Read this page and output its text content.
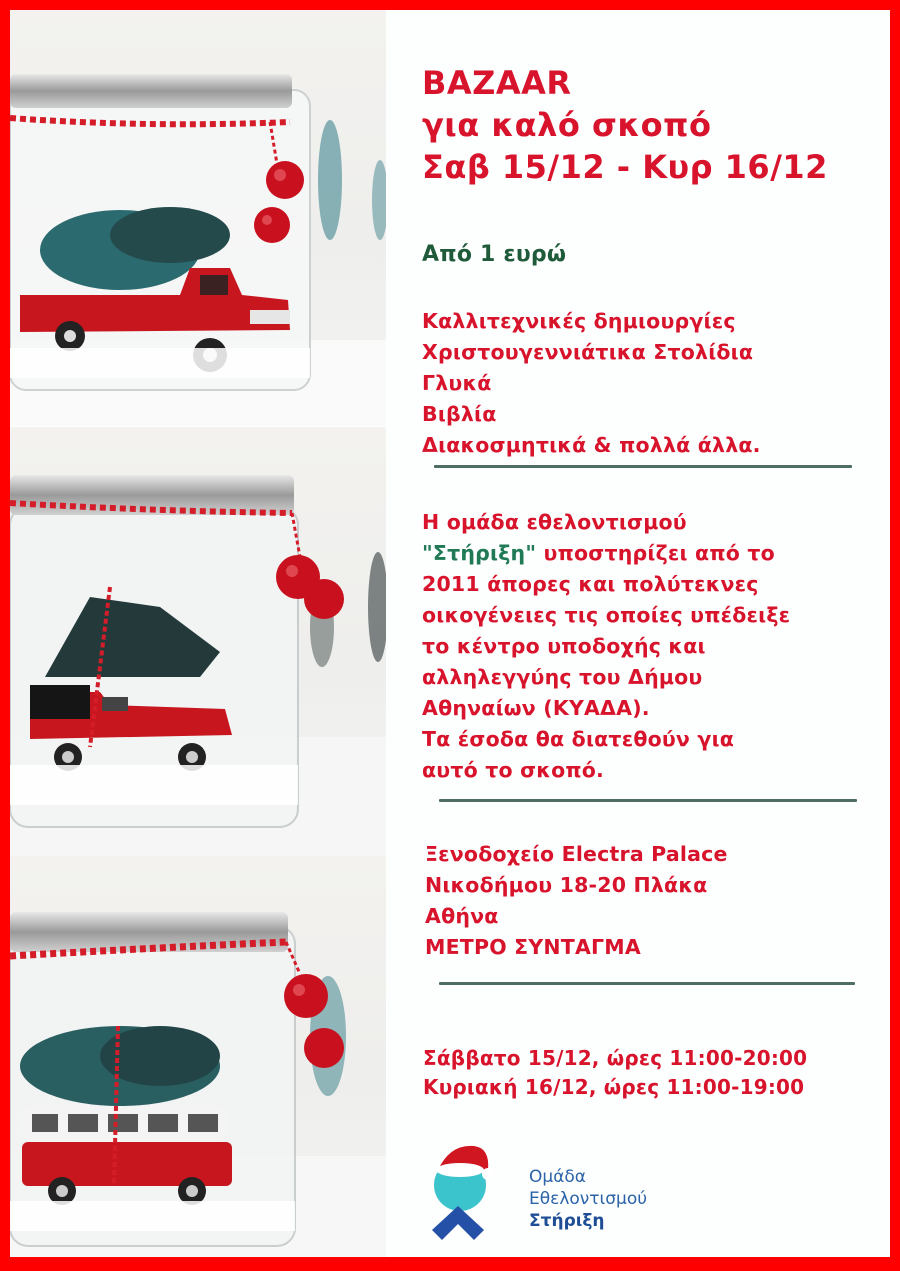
BAZAAR
για καλό σκοπό
Σαβ 15/12 - Κυρ 16/12
Από 1 ευρώ
Καλλιτεχνικές δημιουργίες
Χριστουγεννιάτικα Στολίδια
Γλυκά
Βιβλία
Διακοσμητικά & πολλά άλλα.
Η ομάδα εθελοντισμού
"Στήριξη" υποστηρίζει από το
2011 άπορες και πολύτεκνες
οικογένειες τις οποίες υπέδειξε
το κέντρο υποδοχής και
αλληλεγγύης του Δήμου
Αθηναίων (ΚΥΑΔΑ).
Τα έσοδα θα διατεθούν για
αυτό το σκοπό.
Ξενοδοχείο Electra Palace
Νικοδήμου 18-20 Πλάκα
Αθήνα
ΜΕΤΡΟ ΣΥΝΤΑΓΜΑ
Σάββατο 15/12, ώρες 11:00-20:00
Κυριακή 16/12, ώρες 11:00-19:00
Ομάδα
Εθελοντισμού
Στήριξη
